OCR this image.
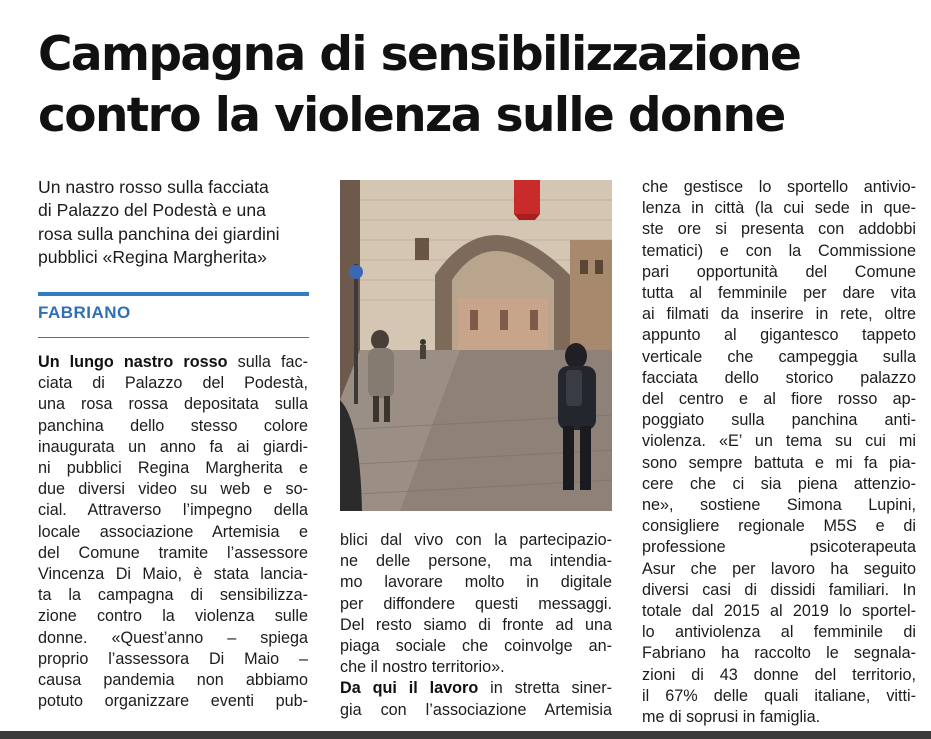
Campagna di sensibilizzazione
contro la violenza sulle donne
Un nastro rosso sulla facciata
di Palazzo del Podestà e una
rosa sulla panchina dei giardini
pubblici «Regina Margherita»
FABRIANO
Un lungo nastro rosso sulla fac-
ciata di Palazzo del Podestà,
una rosa rossa depositata sulla
panchina dello stesso colore
inaugurata un anno fa ai giardi-
ni pubblici Regina Margherita e
due diversi video su web e so-
cial. Attraverso l’impegno della
locale associazione Artemisia e
del Comune tramite l’assessore
Vincenza Di Maio, è stata lancia-
ta la campagna di sensibilizza-
zione contro la violenza sulle
donne. «Quest’anno – spiega
proprio l’assessora Di Maio –
causa pandemia non abbiamo
potuto organizzare eventi pub-
blici dal vivo con la partecipazio-
ne delle persone, ma intendia-
mo lavorare molto in digitale
per diffondere questi messaggi.
Del resto siamo di fronte ad una
piaga sociale che coinvolge an-
che il nostro territorio».
Da qui il lavoro in stretta siner-
gia con l’associazione Artemisia
che gestisce lo sportello antivio-
lenza in città (la cui sede in que-
ste ore si presenta con addobbi
tematici) e con la Commissione
pari opportunità del Comune
tutta al femminile per dare vita
ai filmati da inserire in rete, oltre
appunto al gigantesco tappeto
verticale che campeggia sulla
facciata dello storico palazzo
del centro e al fiore rosso ap-
poggiato sulla panchina anti-
violenza. «E’ un tema su cui mi
sono sempre battuta e mi fa pia-
cere che ci sia piena attenzio-
ne», sostiene Simona Lupini,
consigliere regionale M5S e di
professione psicoterapeuta
Asur che per lavoro ha seguito
diversi casi di dissidi familiari. In
totale dal 2015 al 2019 lo sportel-
lo antiviolenza al femminile di
Fabriano ha raccolto le segnala-
zioni di 43 donne del territorio,
il 67% delle quali italiane, vitti-
me di soprusi in famiglia.
